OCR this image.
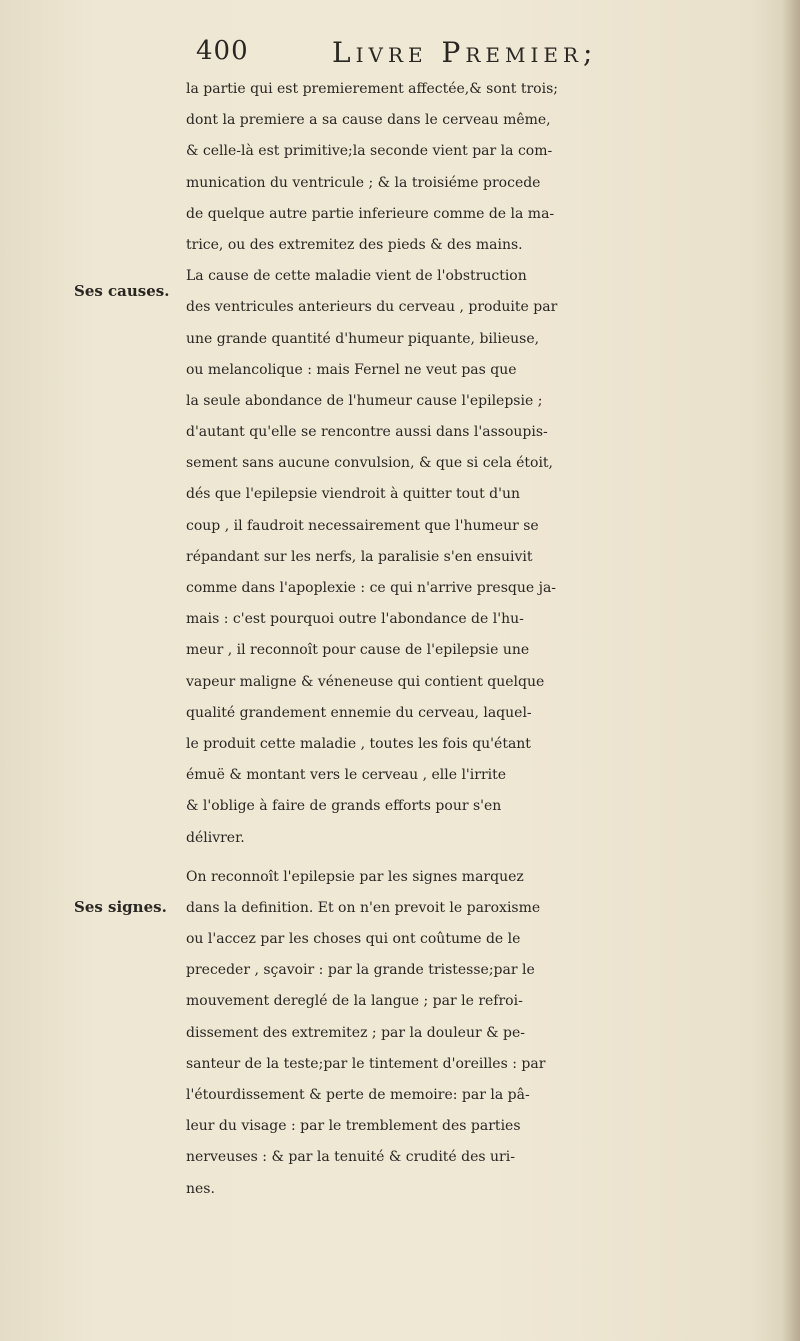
400	Livre Premier;
Ses causes.
Ses signes.
la partie qui est premierement affectée,& sont trois;
dont la premiere a sa cause dans le cerveau même,
& celle-là est primitive;la seconde vient par la com-
munication du ventricule ; & la troisiéme procede
de quelque autre partie inferieure comme de la ma-
trice, ou des extremitez des pieds & des mains.
La cause de cette maladie vient de l'obstruction
des ventricules anterieurs du cerveau , produite par
une grande quantité d'humeur piquante, bilieuse,
ou melancolique : mais Fernel ne veut pas que
la seule abondance de l'humeur cause l'epilepsie ;
d'autant qu'elle se rencontre aussi dans l'assoupis-
sement sans aucune convulsion, & que si cela étoit,
dés que l'epilepsie viendroit à quitter tout d'un
coup , il faudroit necessairement que l'humeur se
répandant sur les nerfs, la paralisie s'en ensuivit
comme dans l'apoplexie : ce qui n'arrive presque ja-
mais : c'est pourquoi outre l'abondance de l'hu-
meur , il reconnoît pour cause de l'epilepsie une
vapeur maligne & véneneuse qui contient quelque
qualité grandement ennemie du cerveau, laquel-
le produit cette maladie , toutes les fois qu'étant
émuë & montant vers le cerveau , elle l'irrite
& l'oblige à faire de grands efforts pour s'en
délivrer.
On reconnoît l'epilepsie par les signes marquez
dans la definition. Et on n'en prevoit le paroxisme
ou l'accez par les choses qui ont coûtume de le
preceder , sçavoir : par la grande tristesse;par le
mouvement dereglé de la langue ; par le refroi-
dissement des extremitez ; par la douleur & pe-
santeur de la teste;par le tintement d'oreilles : par
l'étourdissement & perte de memoire: par la pâ-
leur du visage : par le tremblement des parties
nerveuses : & par la tenuité & crudité des uri-
nes.
